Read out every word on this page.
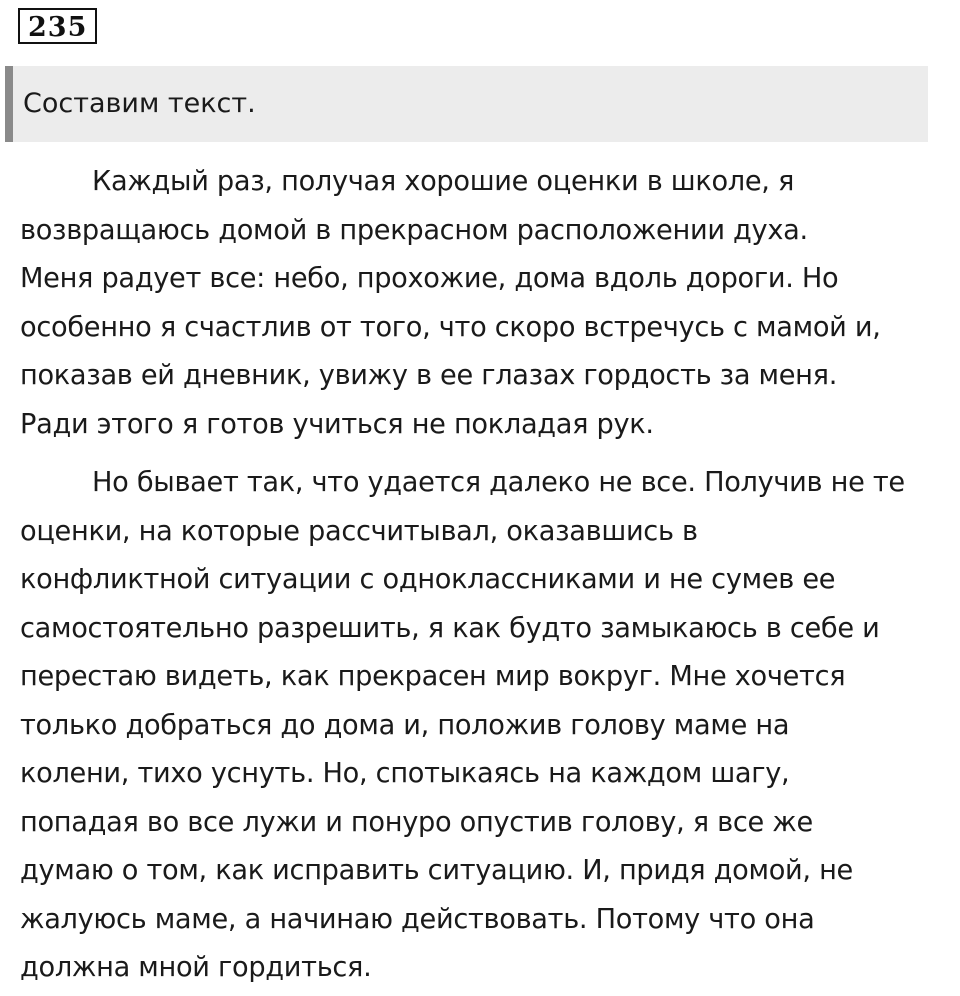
235
Составим текст.

Каждый раз, получая хорошие оценки в школе, я
возвращаюсь домой в прекрасном расположении духа.
Меня радует все: небо, прохожие, дома вдоль дороги. Но
особенно я счастлив от того, что скоро встречусь с мамой и,
показав ей дневник, увижу в ее глазах гордость за меня.
Ради этого я готов учиться не покладая рук.

Но бывает так, что удается далеко не все. Получив не те
оценки, на которые рассчитывал, оказавшись в
конфликтной ситуации с одноклассниками и не сумев ее
самостоятельно разрешить, я как будто замыкаюсь в себе и
перестаю видеть, как прекрасен мир вокруг. Мне хочется
только добраться до дома и, положив голову маме на
колени, тихо уснуть. Но, спотыкаясь на каждом шагу,
попадая во все лужи и понуро опустив голову, я все же
думаю о том, как исправить ситуацию. И, придя домой, не
жалуюсь маме, а начинаю действовать. Потому что она
должна мной гордиться.
